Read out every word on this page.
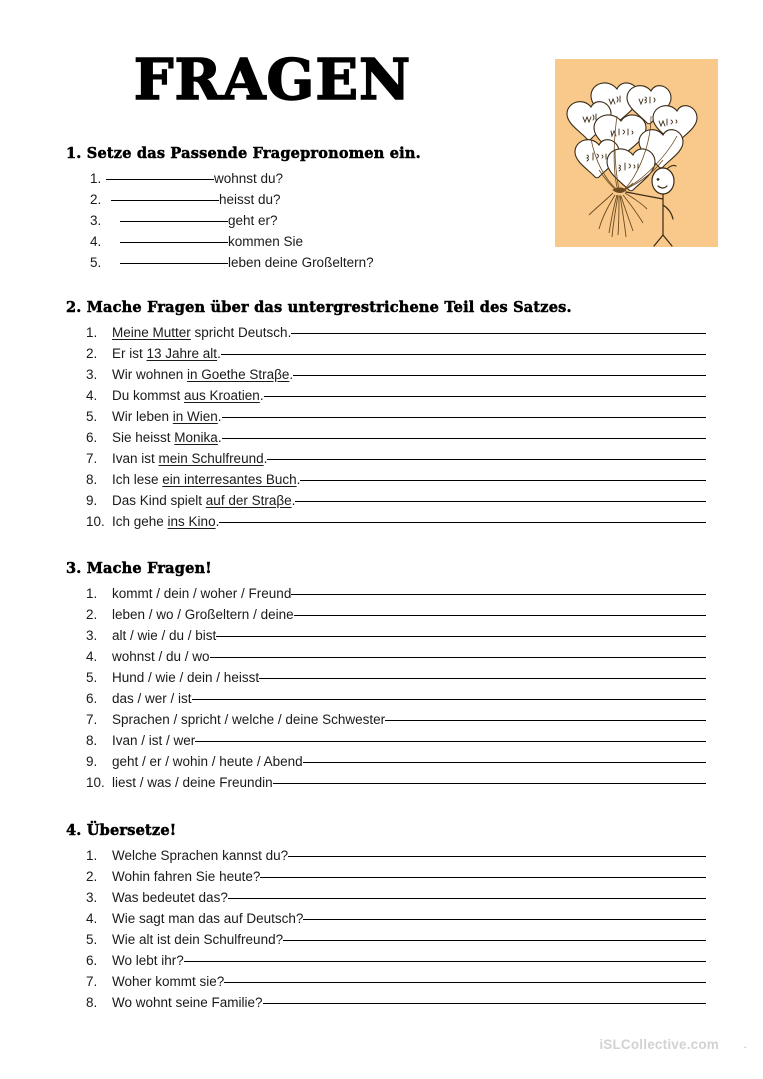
FRAGEN
1. Setze das Passende Fragepronomen ein.
1.	wohnst du?
2.	heisst du?
3.	geht er?
4.	kommen Sie
5.	leben deine Großeltern?
2. Mache Fragen über das untergrestrichene Teil des Satzes.
1.	Meine Mutter spricht Deutsch.
2.	Er ist 13 Jahre alt.
3.	Wir wohnen in Goethe Straβe.
4.	Du kommst aus Kroatien.
5.	Wir leben in Wien.
6.	Sie heisst Monika.
7.	Ivan ist mein Schulfreund.
8.	Ich lese ein interresantes Buch.
9.	Das Kind spielt auf der Straβe.
10. Ich gehe ins Kino.
3. Mache Fragen!
1.	kommt / dein / woher / Freund
2.	leben / wo / Großeltern / deine
3.	alt / wie / du / bist
4.	wohnst / du / wo
5.	Hund / wie / dein / heisst
6.	das / wer / ist
7.	Sprachen / spricht / welche / deine Schwester
8.	Ivan / ist / wer
9.	geht / er / wohin / heute / Abend
10. liest / was / deine Freundin
4. Übersetze!
1.	Welche Sprachen kannst du?
2.	Wohin fahren Sie heute?
3.	Was bedeutet das?
4.	Wie sagt man das auf Deutsch?
5.	Wie alt ist dein Schulfreund?
6.	Wo lebt ihr?
7.	Woher kommt sie?
8.	Wo wohnt seine Familie?
iSLCollective.com .
